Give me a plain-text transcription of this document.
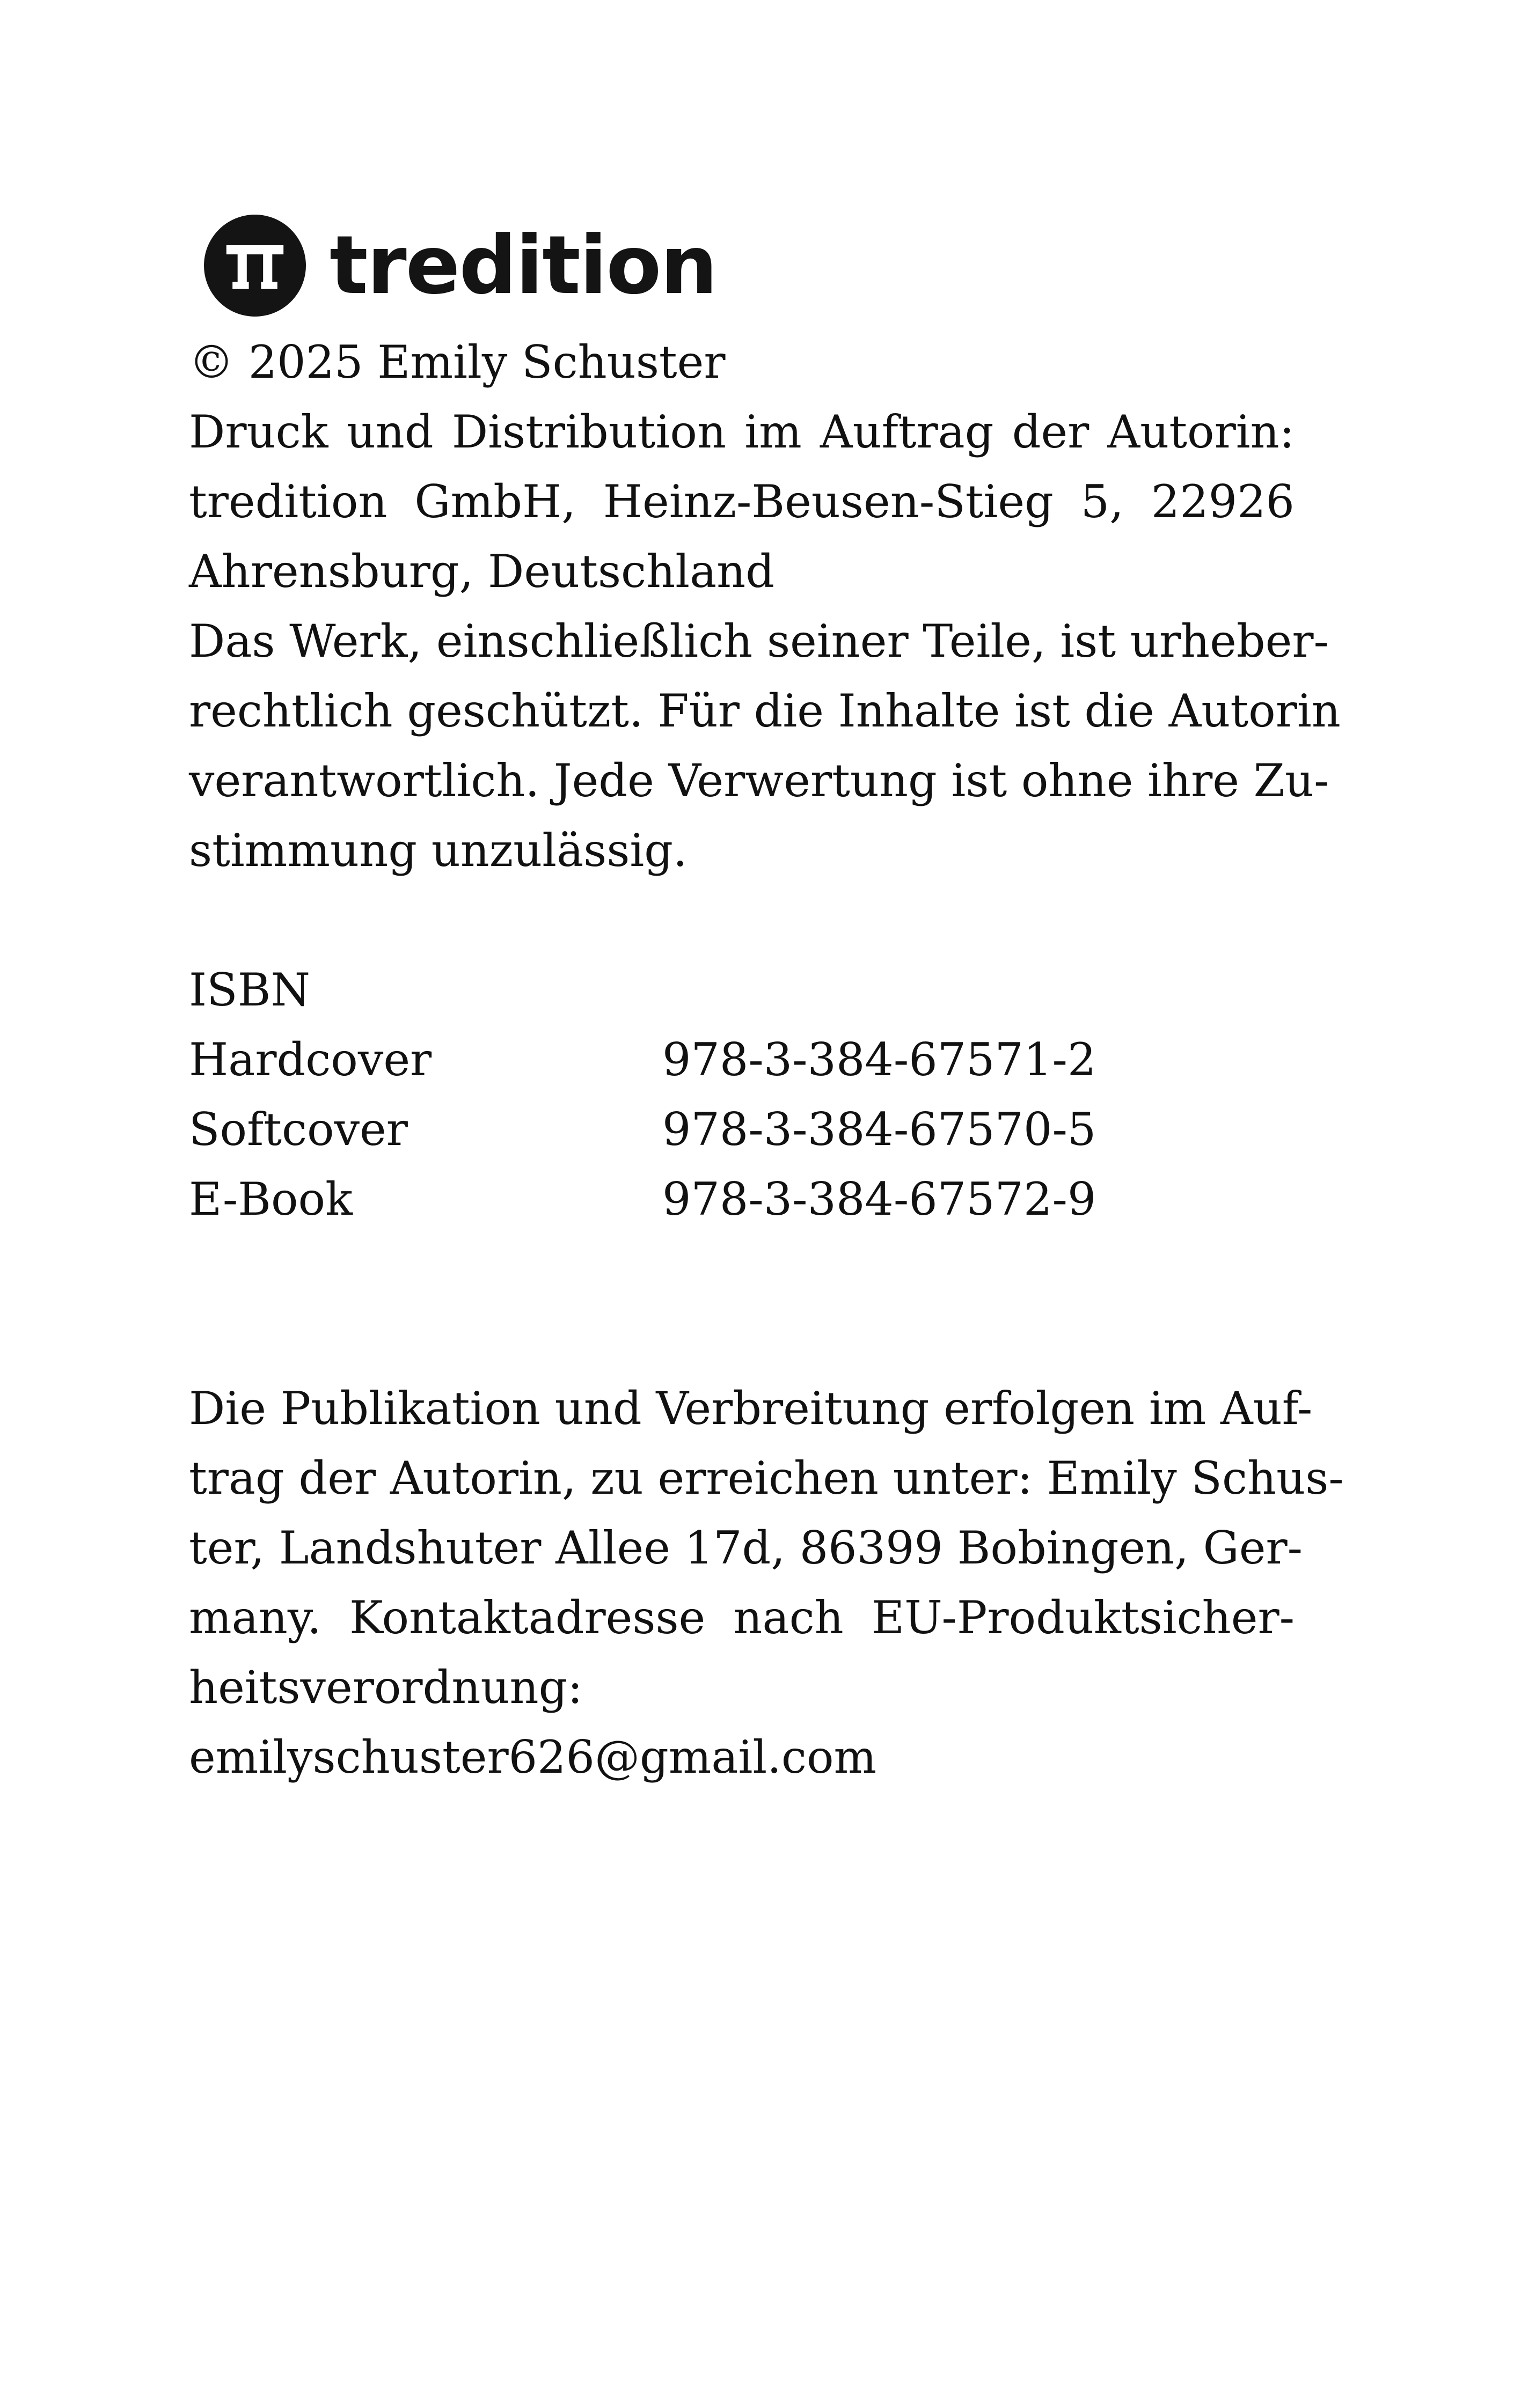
tredition
© 2025 Emily Schuster
Druck und Distribution im Auftrag der Autorin:
tredition GmbH, Heinz-Beusen-Stieg 5, 22926
Ahrensburg, Deutschland
Das Werk, einschließlich seiner Teile, ist urheber-
rechtlich geschützt. Für die Inhalte ist die Autorin
verantwortlich. Jede Verwertung ist ohne ihre Zu-
stimmung unzulässig.
ISBN
Hardcover	978-3-384-67571-2
Softcover	978-3-384-67570-5
E-Book	978-3-384-67572-9
Die Publikation und Verbreitung erfolgen im Auf-
trag der Autorin, zu erreichen unter: Emily Schus-
ter, Landshuter Allee 17d, 86399 Bobingen, Ger-
many. Kontaktadresse nach EU-Produktsicher-
heitsverordnung:
emilyschuster626@gmail.com
